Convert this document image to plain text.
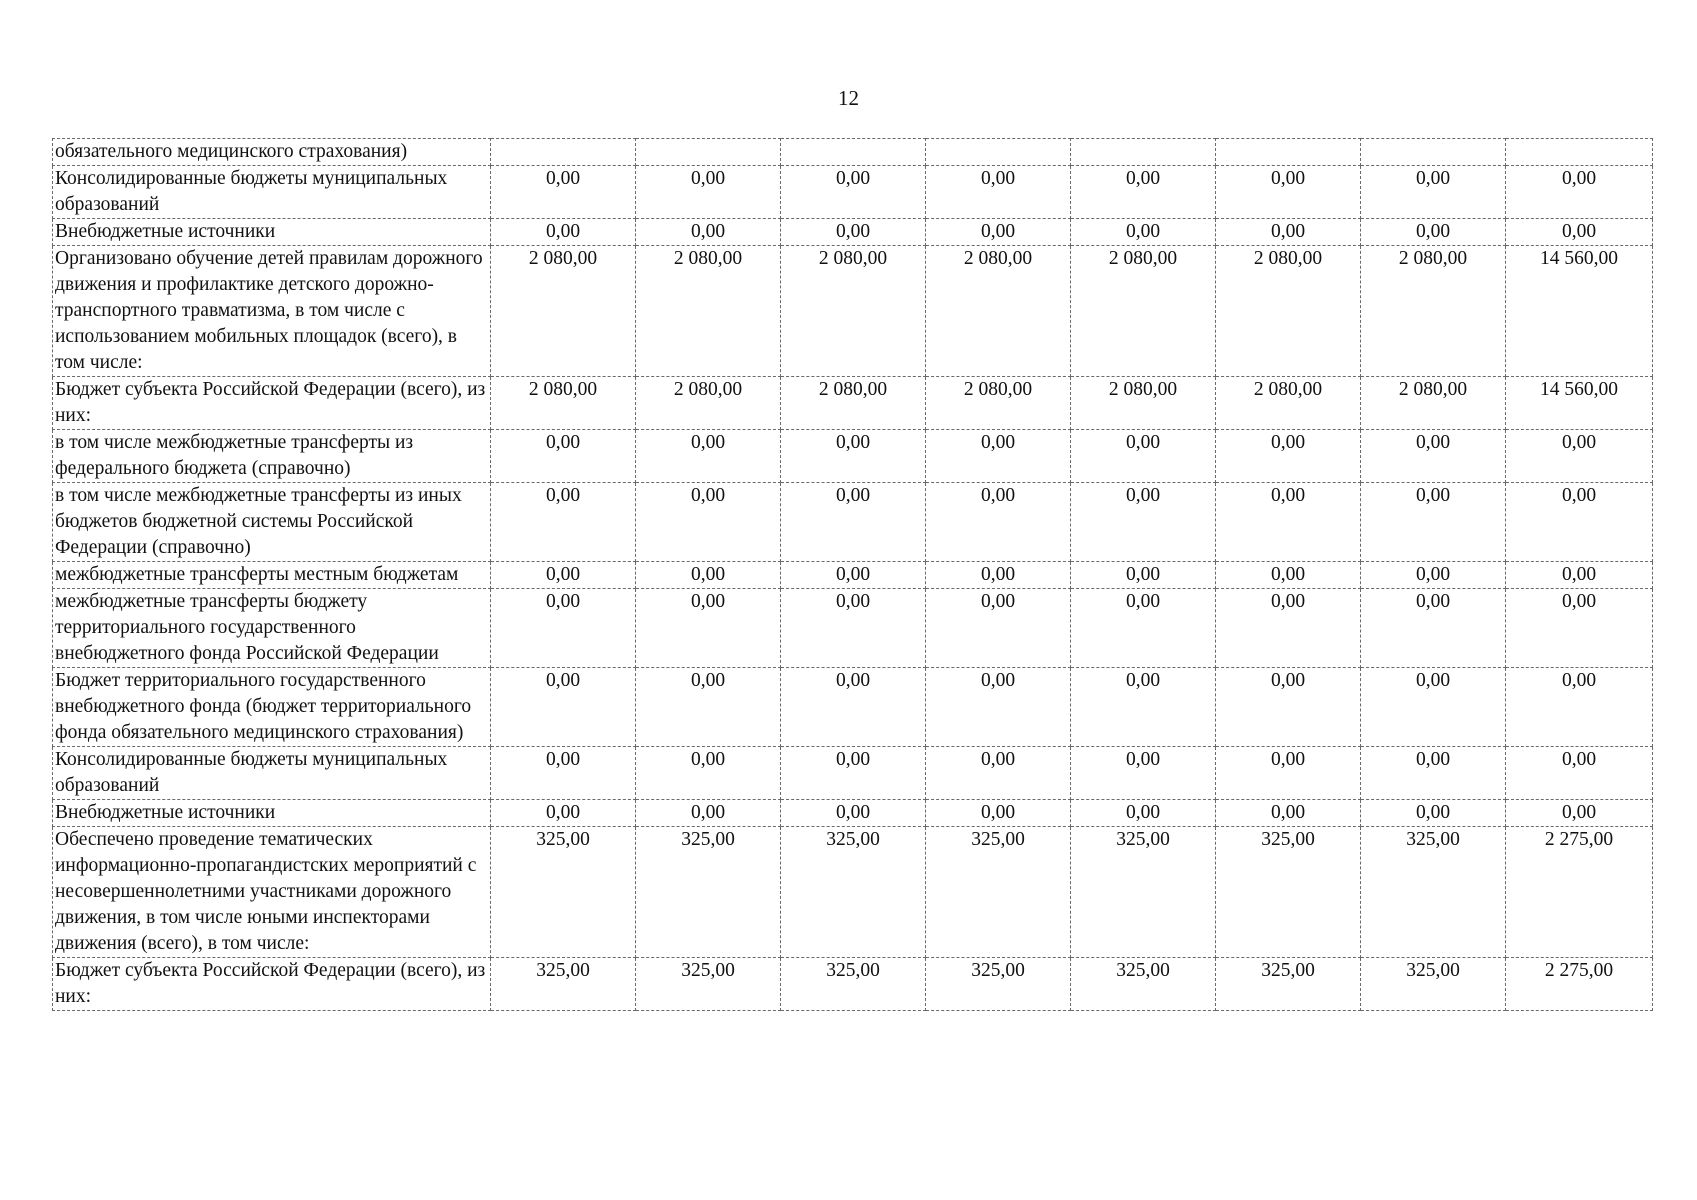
12
обязательного медицинского страхования)								
Консолидированные бюджеты муниципальных образований	0,00	0,00	0,00	0,00	0,00	0,00	0,00	0,00
Внебюджетные источники	0,00	0,00	0,00	0,00	0,00	0,00	0,00	0,00
Организовано обучение детей правилам дорожного движения и профилактике детского дорожно-транспортного травматизма, в том числе с использованием мобильных площадок (всего), в том числе:	2 080,00	2 080,00	2 080,00	2 080,00	2 080,00	2 080,00	2 080,00	14 560,00
Бюджет субъекта Российской Федерации (всего), из них:	2 080,00	2 080,00	2 080,00	2 080,00	2 080,00	2 080,00	2 080,00	14 560,00
в том числе межбюджетные трансферты из федерального бюджета (справочно)	0,00	0,00	0,00	0,00	0,00	0,00	0,00	0,00
в том числе межбюджетные трансферты из иных бюджетов бюджетной системы Российской Федерации (справочно)	0,00	0,00	0,00	0,00	0,00	0,00	0,00	0,00
межбюджетные трансферты местным бюджетам	0,00	0,00	0,00	0,00	0,00	0,00	0,00	0,00
межбюджетные трансферты бюджету территориального государственного внебюджетного фонда Российской Федерации	0,00	0,00	0,00	0,00	0,00	0,00	0,00	0,00
Бюджет территориального государственного внебюджетного фонда (бюджет территориального фонда обязательного медицинского страхования)	0,00	0,00	0,00	0,00	0,00	0,00	0,00	0,00
Консолидированные бюджеты муниципальных образований	0,00	0,00	0,00	0,00	0,00	0,00	0,00	0,00
Внебюджетные источники	0,00	0,00	0,00	0,00	0,00	0,00	0,00	0,00
Обеспечено проведение тематических информационно-пропагандистских мероприятий с несовершеннолетними участниками дорожного движения, в том числе юными инспекторами движения (всего), в том числе:	325,00	325,00	325,00	325,00	325,00	325,00	325,00	2 275,00
Бюджет субъекта Российской Федерации (всего), из них:	325,00	325,00	325,00	325,00	325,00	325,00	325,00	2 275,00
